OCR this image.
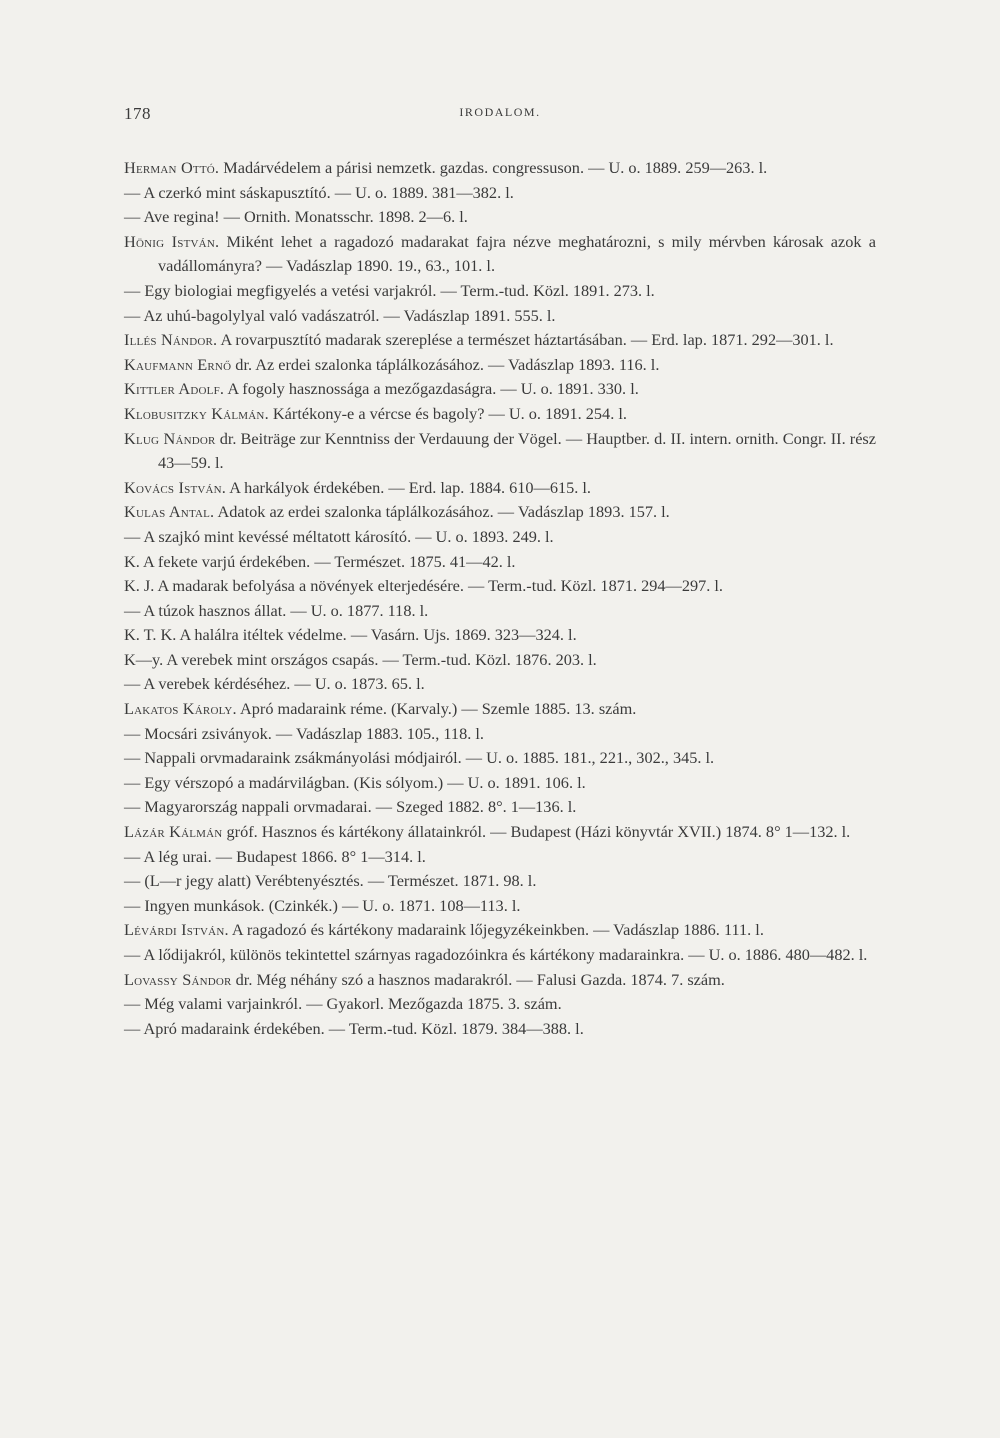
178	IRODALOM.

Herman Ottó. Madárvédelem a párisi nemzetk. gazdas. congressuson. — U. o. 1889. 259—263. l.

— A czerkó mint sáskapusztító. — U. o. 1889. 381—382. l.

— Ave regina! — Ornith. Monatsschr. 1898. 2—6. l.

Hönig István. Miként lehet a ragadozó madarakat fajra nézve meghatározni, s mily mérvben károsak azok a vadállományra? — Vadászlap 1890. 19., 63., 101. l.

— Egy biologiai megfigyelés a vetési varjakról. — Term.-tud. Közl. 1891. 273. l.

— Az uhú-bagolylyal való vadászatról. — Vadászlap 1891. 555. l.

Illés Nándor. A rovarpusztító madarak szereplése a természet háztartásában. — Erd. lap. 1871. 292—301. l.

Kaufmann Ernő dr. Az erdei szalonka táplálkozásához. — Vadászlap 1893. 116. l.

Kittler Adolf. A fogoly hasznossága a mezőgazdaságra. — U. o. 1891. 330. l.

Klobusitzky Kálmán. Kártékony-e a vércse és bagoly? — U. o. 1891. 254. l.

Klug Nándor dr. Beiträge zur Kenntniss der Verdauung der Vögel. — Hauptber. d. II. intern. ornith. Congr. II. rész 43—59. l.

Kovács István. A harkályok érdekében. — Erd. lap. 1884. 610—615. l.

Kulas Antal. Adatok az erdei szalonka táplálkozásához. — Vadászlap 1893. 157. l.

— A szajkó mint kevéssé méltatott károsító. — U. o. 1893. 249. l.

K. A fekete varjú érdekében. — Természet. 1875. 41—42. l.

K. J. A madarak befolyása a növények elterjedésére. — Term.-tud. Közl. 1871. 294—297. l.

— A túzok hasznos állat. — U. o. 1877. 118. l.

K. T. K. A halálra itéltek védelme. — Vasárn. Ujs. 1869. 323—324. l.

K—y. A verebek mint országos csapás. — Term.-tud. Közl. 1876. 203. l.

— A verebek kérdéséhez. — U. o. 1873. 65. l.

Lakatos Károly. Apró madaraink réme. (Karvaly.) — Szemle 1885. 13. szám.

— Mocsári zsiványok. — Vadászlap 1883. 105., 118. l.

— Nappali orvmadaraink zsákmányolási módjairól. — U. o. 1885. 181., 221., 302., 345. l.

— Egy vérszopó a madárvilágban. (Kis sólyom.) — U. o. 1891. 106. l.

— Magyarország nappali orvmadarai. — Szeged 1882. 8°. 1—136. l.

Lázár Kálmán gróf. Hasznos és kártékony állatainkról. — Budapest (Házi könyvtár XVII.) 1874. 8° 1—132. l.

— A lég urai. — Budapest 1866. 8° 1—314. l.

— (L—r jegy alatt) Verébtenyésztés. — Természet. 1871. 98. l.

— Ingyen munkások. (Czinkék.) — U. o. 1871. 108—113. l.

Lévárdi István. A ragadozó és kártékony madaraink lőjegyzékeinkben. — Vadászlap 1886. 111. l.

— A lődijakról, különös tekintettel szárnyas ragadozóinkra és kártékony madarainkra. — U. o. 1886. 480—482. l.

Lovassy Sándor dr. Még néhány szó a hasznos madarakról. — Falusi Gazda. 1874. 7. szám.

— Még valami varjainkról. — Gyakorl. Mezőgazda 1875. 3. szám.

— Apró madaraink érdekében. — Term.-tud. Közl. 1879. 384—388. l.
